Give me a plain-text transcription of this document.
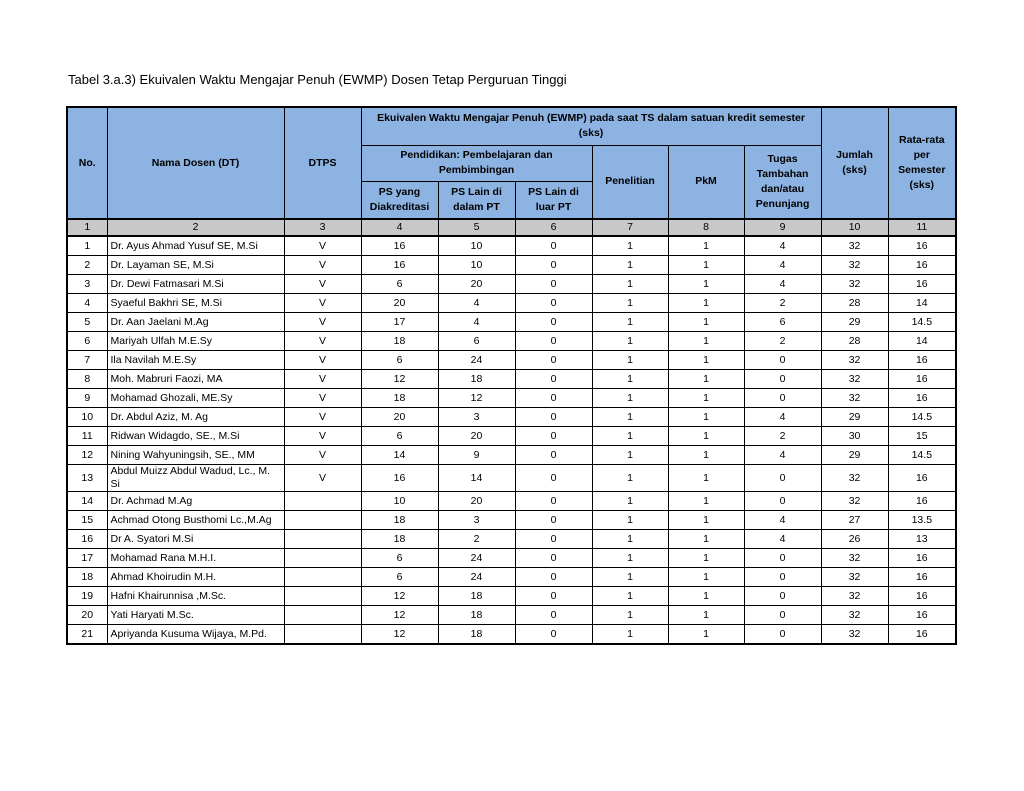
Tabel 3.a.3) Ekuivalen Waktu Mengajar Penuh (EWMP) Dosen Tetap Perguruan Tinggi
No.	Nama Dosen (DT)	DTPS	Ekuivalen Waktu Mengajar Penuh (EWMP) pada saat TS dalam satuan kredit semester (sks)						Jumlah (sks)	Rata-rata per Semester (sks)
			Pendidikan: Pembelajaran dan Pembimbingan			Penelitian	PkM	Tugas Tambahan dan/atau Penunjang		
			PS yang Diakreditasi	PS Lain di dalam PT	PS Lain di luar PT					
1	2	3	4	5	6	7	8	9	10	11
1	Dr. Ayus Ahmad Yusuf SE, M.Si	V	16	10	0	1	1	4	32	16
2	Dr. Layaman SE, M.Si	V	16	10	0	1	1	4	32	16
3	Dr. Dewi Fatmasari M.Si	V	6	20	0	1	1	4	32	16
4	Syaeful Bakhri SE, M.Si	V	20	4	0	1	1	2	28	14
5	Dr. Aan Jaelani M.Ag	V	17	4	0	1	1	6	29	14.5
6	Mariyah Ulfah M.E.Sy	V	18	6	0	1	1	2	28	14
7	Ila Navilah M.E.Sy	V	6	24	0	1	1	0	32	16
8	Moh. Mabruri Faozi, MA	V	12	18	0	1	1	0	32	16
9	Mohamad Ghozali, ME.Sy	V	18	12	0	1	1	0	32	16
10	Dr. Abdul Aziz, M. Ag	V	20	3	0	1	1	4	29	14.5
11	Ridwan Widagdo, SE., M.Si	V	6	20	0	1	1	2	30	15
12	Nining Wahyuningsih, SE., MM	V	14	9	0	1	1	4	29	14.5
13	Abdul Muizz Abdul Wadud, Lc., M. Si	V	16	14	0	1	1	0	32	16
14	Dr. Achmad M.Ag		10	20	0	1	1	0	32	16
15	Achmad Otong Busthomi Lc.,M.Ag		18	3	0	1	1	4	27	13.5
16	Dr A. Syatori M.Si		18	2	0	1	1	4	26	13
17	Mohamad Rana M.H.I.		6	24	0	1	1	0	32	16
18	Ahmad Khoirudin M.H.		6	24	0	1	1	0	32	16
19	Hafni Khairunnisa ,M.Sc.		12	18	0	1	1	0	32	16
20	Yati Haryati M.Sc.		12	18	0	1	1	0	32	16
21	Apriyanda Kusuma Wijaya, M.Pd.		12	18	0	1	1	0	32	16
